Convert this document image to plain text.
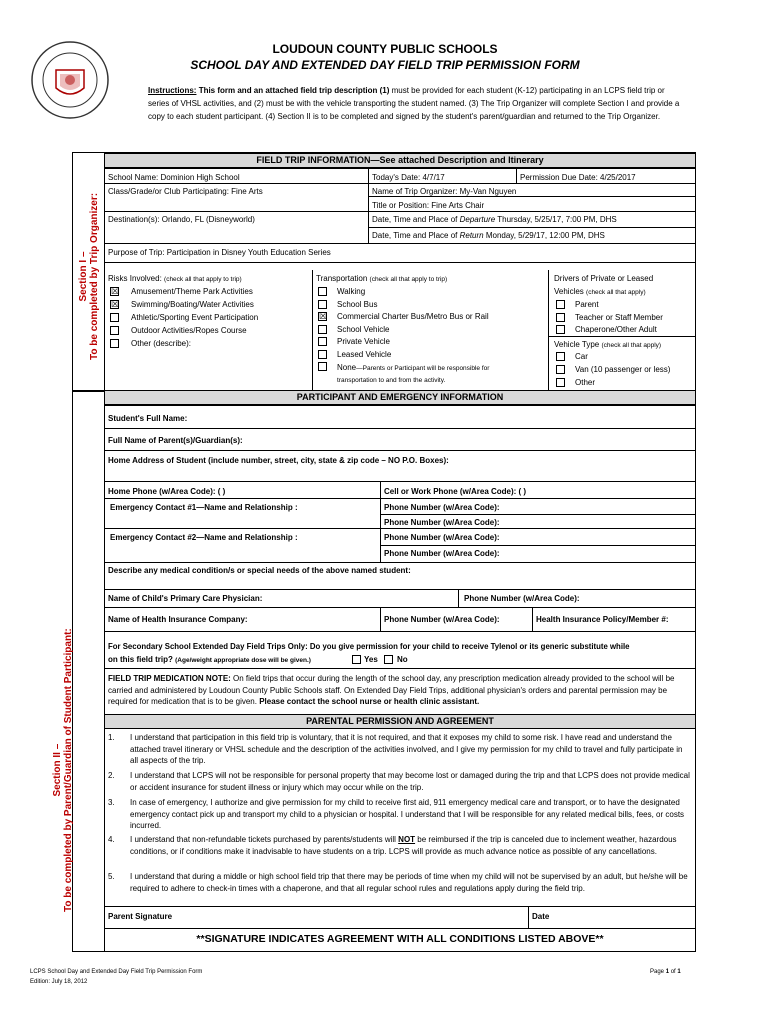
LOUDOUN COUNTY PUBLIC SCHOOLS
SCHOOL DAY AND EXTENDED DAY FIELD TRIP PERMISSION FORM
Instructions: This form and an attached field trip description (1) must be provided for each student (K-12) participating in an LCPS field trip or series of VHSL activities, and (2) must be with the vehicle transporting the student named. (3) The Trip Organizer will complete Section I and provide a copy to each student participant. (4) Section II is to be completed and signed by the student's parent/guardian and returned to the Trip Organizer.
Section I – To be completed by Trip Organizer:
FIELD TRIP INFORMATION—See attached Description and Itinerary
School Name: Dominion High School	Today's Date: 4/7/17	Permission Due Date: 4/25/2017
Class/Grade/or Club Participating: Fine Arts	Name of Trip Organizer: My-Van Nguyen
Title or Position: Fine Arts Chair
Destination(s): Orlando, FL (Disneyworld)	Date, Time and Place of Departure Thursday, 5/25/17, 7:00 PM, DHS
Date, Time and Place of Return Monday, 5/29/17, 12:00 PM, DHS
Purpose of Trip: Participation in Disney Youth Education Series
Risks Involved: (check all that apply to trip)	Transportation (check all that apply to trip)
None—Parents or Participant will be responsible for
transportation to and from the activity.
Drivers of Private or Leased
Vehicles (check all that apply)
Vehicle Type (check all that apply)
Section II – To be completed by Parent/Guardian of Student Participant:
PARTICIPANT AND EMERGENCY INFORMATION
Student's Full Name:
Full Name of Parent(s)/Guardian(s):
Home Address of Student (include number, street, city, state & zip code – NO P.O. Boxes):
Home Phone (w/Area Code): ( )	Cell or Work Phone (w/Area Code): ( )
Emergency Contact #1—Name and Relationship :	Phone Number (w/Area Code):
Phone Number (w/Area Code):
Emergency Contact #2—Name and Relationship :	Phone Number (w/Area Code):
Phone Number (w/Area Code):
Describe any medical condition/s or special needs of the above named student:
Name of Child's Primary Care Physician:	Phone Number (w/Area Code):
Name of Health Insurance Company:	Phone Number (w/Area Code):	Health Insurance Policy/Member #:
For Secondary School Extended Day Field Trips Only: Do you give permission for your child to receive Tylenol or its generic substitute while
on this field trip? (Age/weight appropriate dose will be given.)	Yes No
FIELD TRIP MEDICATION NOTE: On field trips that occur during the length of the school day, any prescription medication already provided to the school will be carried and administered by Loudoun County Public Schools staff. On Extended Day Field Trips, additional physician's orders and parental permission may be required for medication that is to be given. Please contact the school nurse or health clinic assistant.
PARENTAL PERMISSION AND AGREEMENT
Parent Signature	Date
**SIGNATURE INDICATES AGREEMENT WITH ALL CONDITIONS LISTED ABOVE**
LCPS School Day and Extended Day Field Trip Permission Form
Edition: July 18, 2012
Page 1 of 1
☒ Amusement/Theme Park Activities
☒ Swimming/Boating/Water Activities
Athletic/Sporting Event Participation
Outdoor Activities/Ropes Course
Other (describe):
Walking
School Bus
☒ Commercial Charter Bus/Metro Bus or Rail
School Vehicle
Private Vehicle
Leased Vehicle
Parent
Teacher or Staff Member
Chaperone/Other Adult
Car
Van (10 passenger or less)
Other
1. I understand that participation in this field trip is voluntary, that it is not required, and that it exposes my child to some risk. I have read and understand the attached travel itinerary or VHSL schedule and the description of the activities involved, and I give my permission for my child to travel and fully participate in all aspects of the trip.
2. I understand that LCPS will not be responsible for personal property that may become lost or damaged during the trip and that LCPS does not provide medical or accident insurance for student illness or injury which may occur while on the trip.
3. In case of emergency, I authorize and give permission for my child to receive first aid, 911 emergency medical care and transport, or to have the designated emergency contact pick up and transport my child to a physician or hospital. I understand that I will be responsible for any related medical bills, fees, or costs incurred.
4. I understand that non-refundable tickets purchased by parents/students will NOT be reimbursed if the trip is canceled due to inclement weather, hazardous conditions, or if conditions make it inadvisable to have students on a trip. LCPS will provide as much advance notice as possible of any cancellations.
5. I understand that during a middle or high school field trip that there may be periods of time when my child will not be supervised by an adult, but he/she will be required to adhere to check-in times with a chaperone, and that all regular school rules and regulations apply during the field trip.
